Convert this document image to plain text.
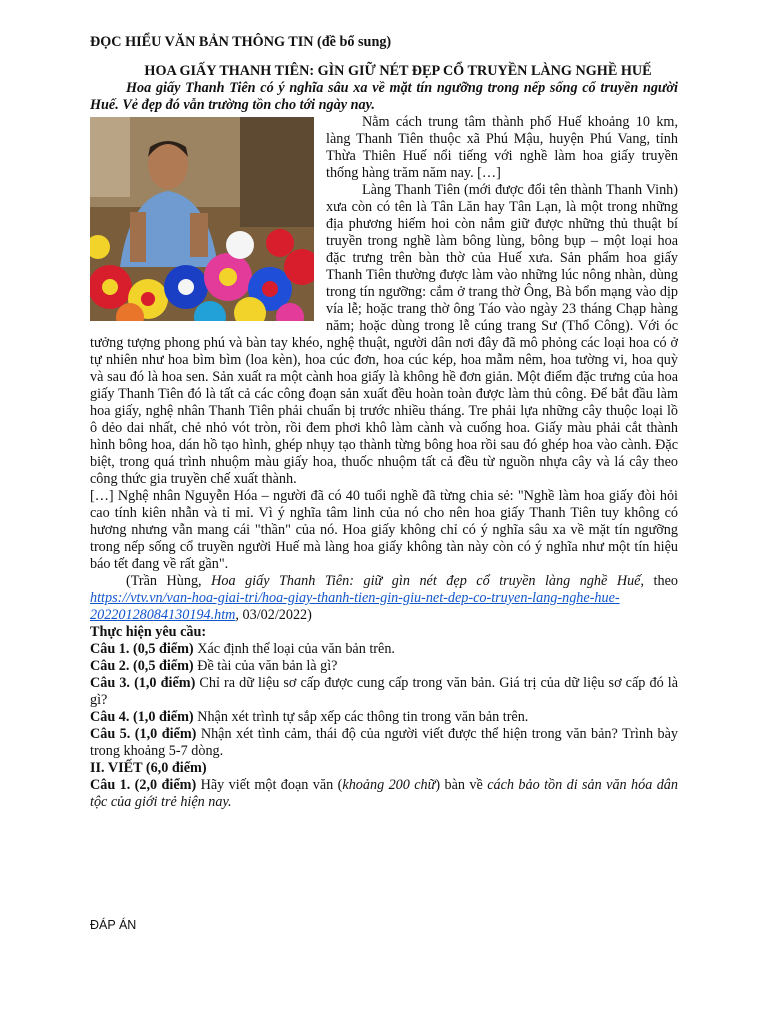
ĐỌC HIỂU VĂN BẢN THÔNG TIN (đề bổ sung)

HOA GIẤY THANH TIÊN: GÌN GIỮ NÉT ĐẸP CỔ TRUYỀN LÀNG NGHỀ HUẾ

Hoa giấy Thanh Tiên có ý nghĩa sâu xa về mặt tín ngưỡng trong nếp sống cổ truyền người Huế. Vẻ đẹp đó vẫn trường tồn cho tới ngày nay.

Nằm cách trung tâm thành phố Huế khoảng 10 km, làng Thanh Tiên thuộc xã Phú Mậu, huyện Phú Vang, tỉnh Thừa Thiên Huế nổi tiếng với nghề làm hoa giấy truyền thống hàng trăm năm nay. […]

Làng Thanh Tiên (mới được đổi tên thành Thanh Vinh) xưa còn có tên là Tân Lăn hay Tân Lạn, là một trong những địa phương hiếm hoi còn nắm giữ được những thủ thuật bí truyền trong nghề làm bông lùng, bông bụp – một loại hoa đặc trưng trên bàn thờ của Huế xưa. Sản phẩm hoa giấy Thanh Tiên thường được làm vào những lúc nông nhàn, dùng trong tín ngưỡng: cắm ở trang thờ Ông, Bà bổn mạng vào dịp vía lễ; hoặc trang thờ ông Táo vào ngày 23 tháng Chạp hàng năm; hoặc dùng trong lễ cúng trang Sư (Thổ Công). Với óc tưởng tượng phong phú và bàn tay khéo, nghệ thuật, người dân nơi đây đã mô phỏng các loại hoa có ở tự nhiên như hoa bìm bìm (loa kèn), hoa cúc đơn, hoa cúc kép, hoa mẫm nêm, hoa tường vi, hoa quỳ và sau đó là hoa sen. Sản xuất ra một cành hoa giấy là không hề đơn giản. Một điểm đặc trưng của hoa giấy Thanh Tiên đó là tất cả các công đoạn sản xuất đều hoàn toàn được làm thủ công. Để bắt đầu làm hoa giấy, nghệ nhân Thanh Tiên phải chuẩn bị trước nhiều tháng. Tre phải lựa những cây thuộc loại lồ ô dẻo dai nhất, chẻ nhỏ vót tròn, rồi đem phơi khô làm cành và cuống hoa. Giấy màu phải cắt thành hình bông hoa, dán hồ tạo hình, ghép nhụy tạo thành từng bông hoa rồi sau đó ghép hoa vào cành. Đặc biệt, trong quá trình nhuộm màu giấy hoa, thuốc nhuộm tất cả đều từ nguồn nhựa cây và lá cây theo công thức gia truyền chế xuất thành.

[…] Nghệ nhân Nguyễn Hóa – người đã có 40 tuổi nghề đã từng chia sẻ: "Nghề làm hoa giấy đòi hỏi cao tính kiên nhẫn và tỉ mỉ. Vì ý nghĩa tâm linh của nó cho nên hoa giấy Thanh Tiên tuy không có hương nhưng vẫn mang cái "thần" của nó. Hoa giấy không chỉ có ý nghĩa sâu xa về mặt tín ngưỡng trong nếp sống cổ truyền người Huế mà làng hoa giấy không tàn này còn có ý nghĩa như một tín hiệu báo tết đang về rất gần".

(Trần Hùng, Hoa giấy Thanh Tiên: giữ gìn nét đẹp cổ truyền làng nghề Huế, theo https://vtv.vn/van-hoa-giai-tri/hoa-giay-thanh-tien-gin-giu-net-dep-co-truyen-lang-nghe-hue-20220128084130194.htm, 03/02/2022)

Thực hiện yêu cầu:

Câu 1. (0,5 điểm) Xác định thể loại của văn bản trên.

Câu 2. (0,5 điểm) Đề tài của văn bản là gì?

Câu 3. (1,0 điểm) Chỉ ra dữ liệu sơ cấp được cung cấp trong văn bản. Giá trị của dữ liệu sơ cấp đó là gì?

Câu 4. (1,0 điểm) Nhận xét trình tự sắp xếp các thông tin trong văn bản trên.

Câu 5. (1,0 điểm) Nhận xét tình cảm, thái độ của người viết được thể hiện trong văn bản? Trình bày trong khoảng 5-7 dòng.

II. VIẾT (6,0 điểm)

Câu 1. (2,0 điểm) Hãy viết một đoạn văn (khoảng 200 chữ) bàn về cách bảo tồn di sản văn hóa dân tộc của giới trẻ hiện nay.

ĐÁP ÁN
